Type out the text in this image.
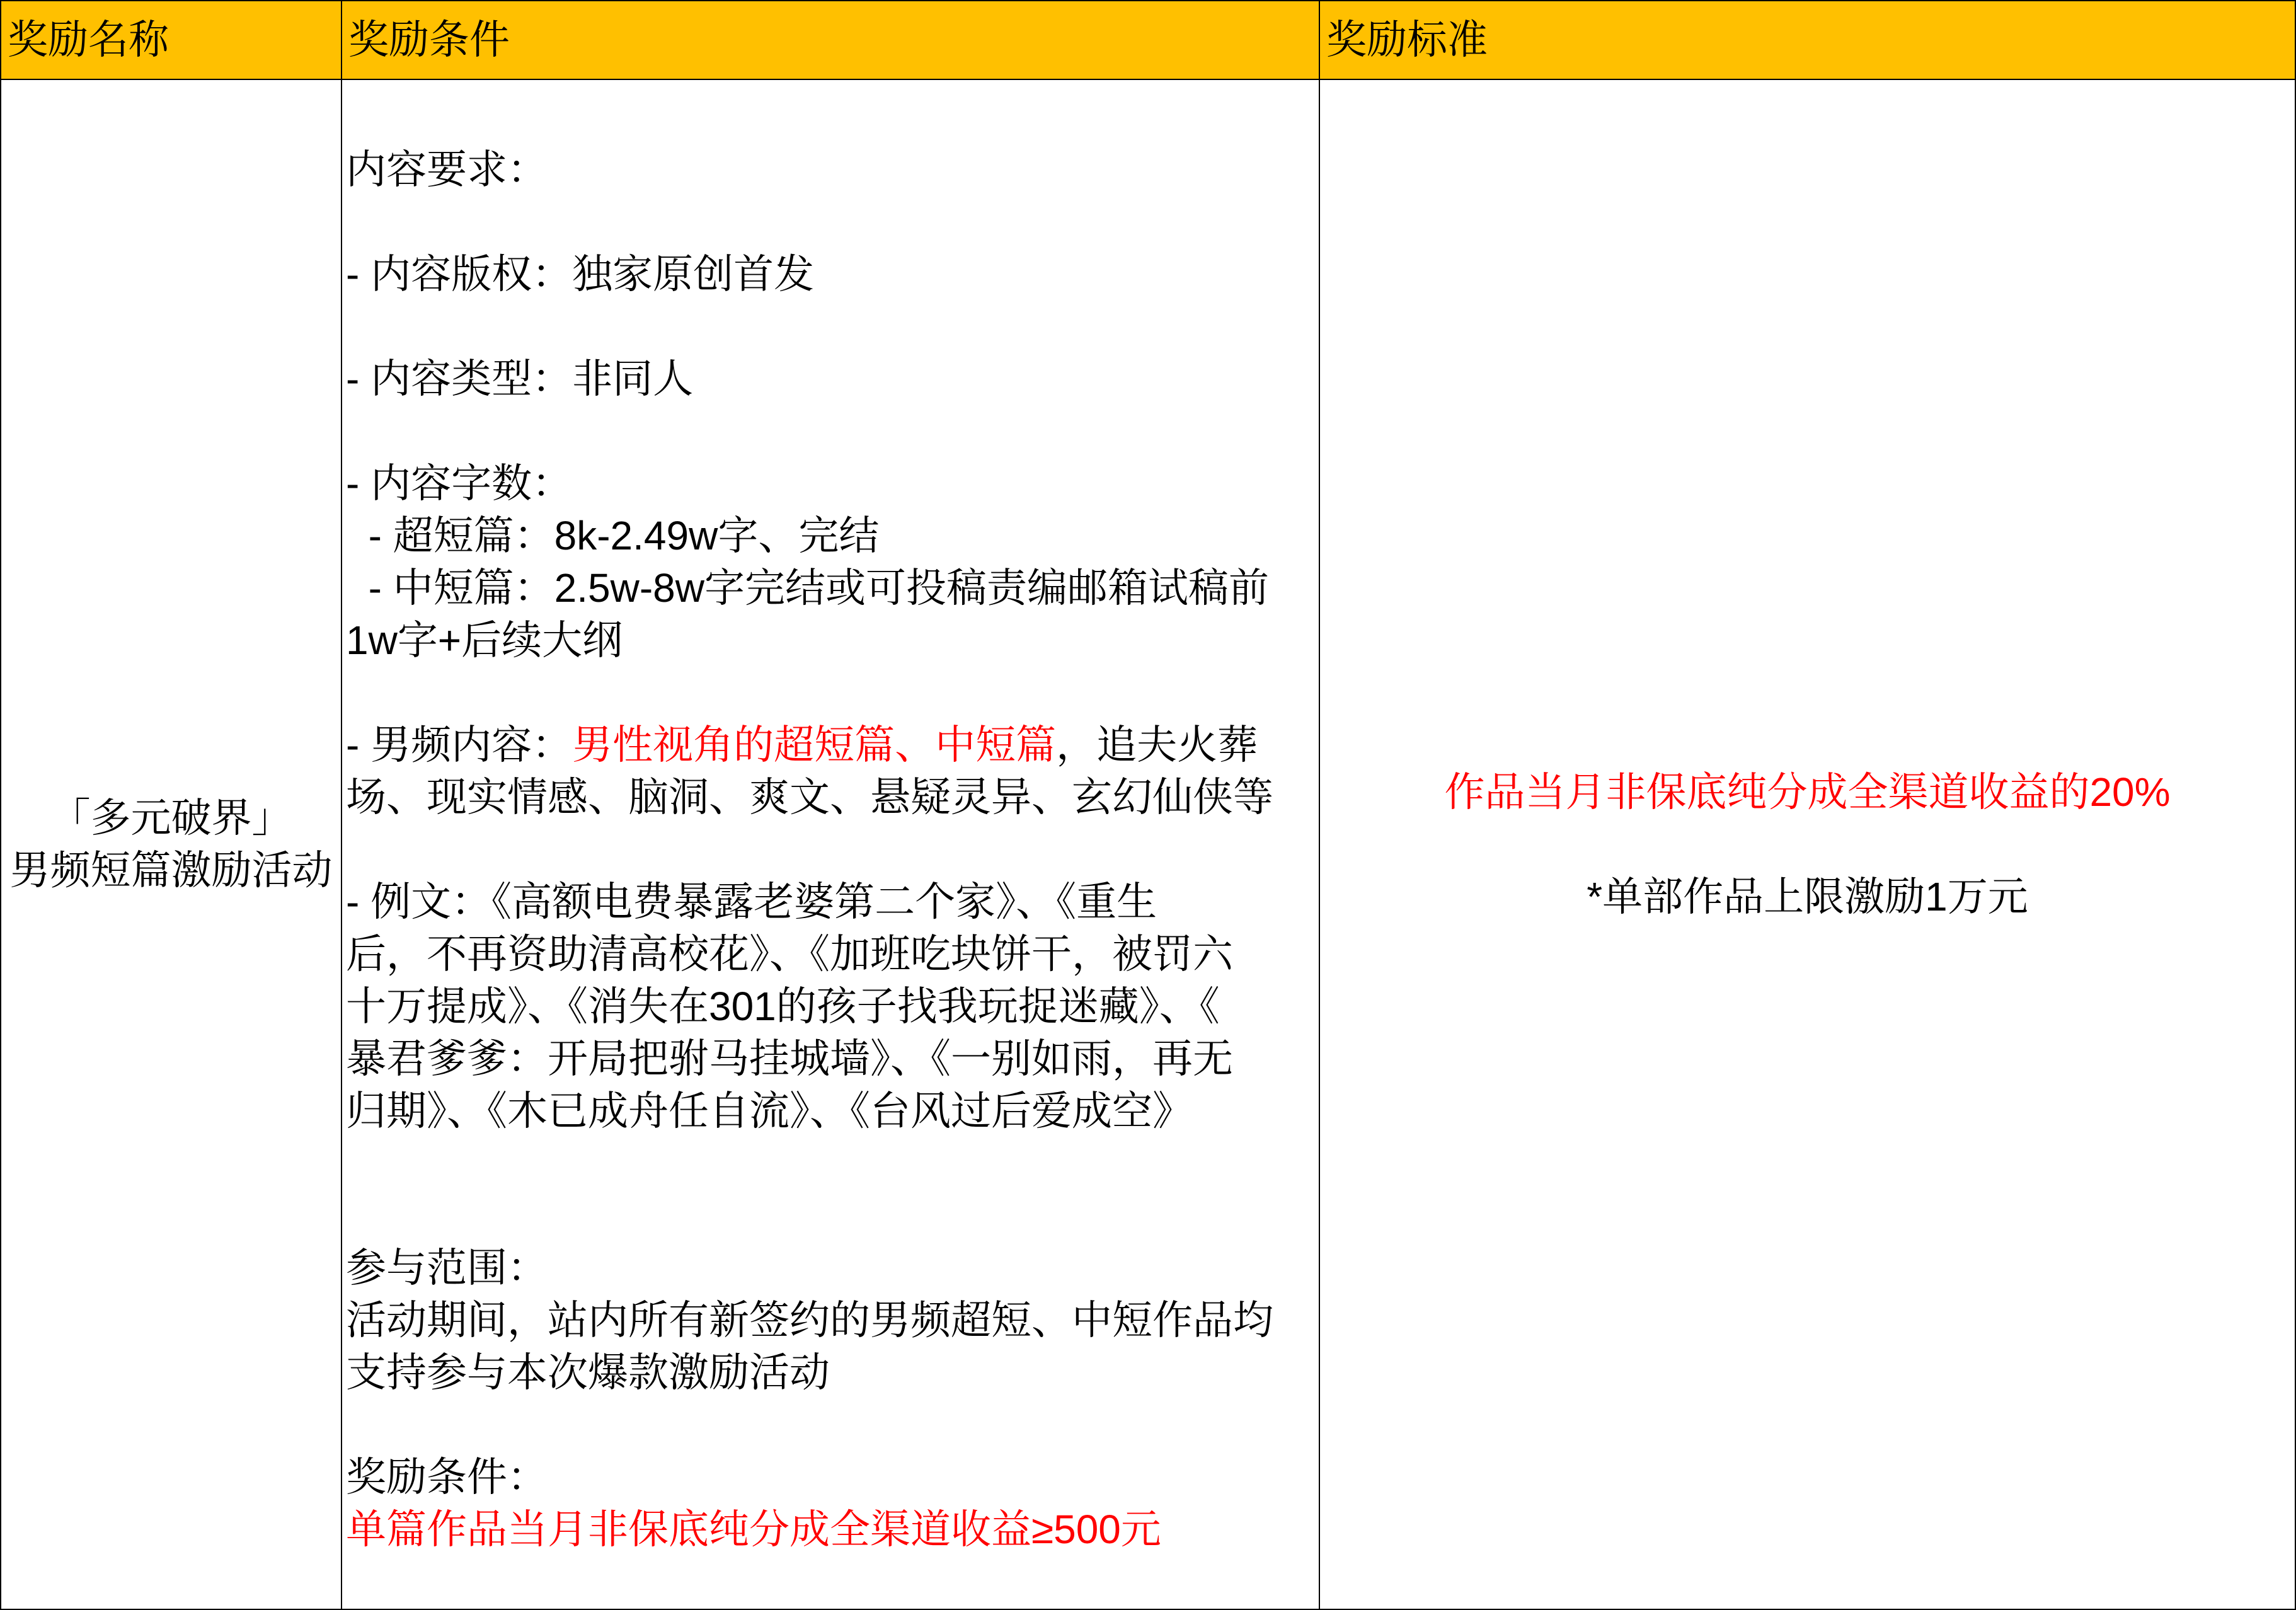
奖励名称	奖励条件	奖励标准
「多元破界」
男频短篇激励活动

内容要求：

- 内容版权：独家原创首发

- 内容类型：非同人

- 内容字数：
- 超短篇：8k-2.49w字、完结
- 中短篇：2.5w-8w字完结或可投稿责编邮箱试稿前
1w字+后续大纲

- 男频内容：男性视角的超短篇、中短篇，追夫火葬
场、现实情感、脑洞、爽文、悬疑灵异、玄幻仙侠等

- 例文：《高额电费暴露老婆第二个家》、《重生
后，不再资助清高校花》、《加班吃块饼干，被罚六
十万提成》、《消失在301的孩子找我玩捉迷藏》、《
暴君爹爹：开局把驸马挂城墙》、《一别如雨，再无
归期》、《木已成舟任自流》、《台风过后爱成空》

参与范围：
活动期间，站内所有新签约的男频超短、中短作品均
支持参与本次爆款激励活动

奖励条件：
单篇作品当月非保底纯分成全渠道收益≥500元
作品当月非保底纯分成全渠道收益的20%

*单部作品上限激励1万元
